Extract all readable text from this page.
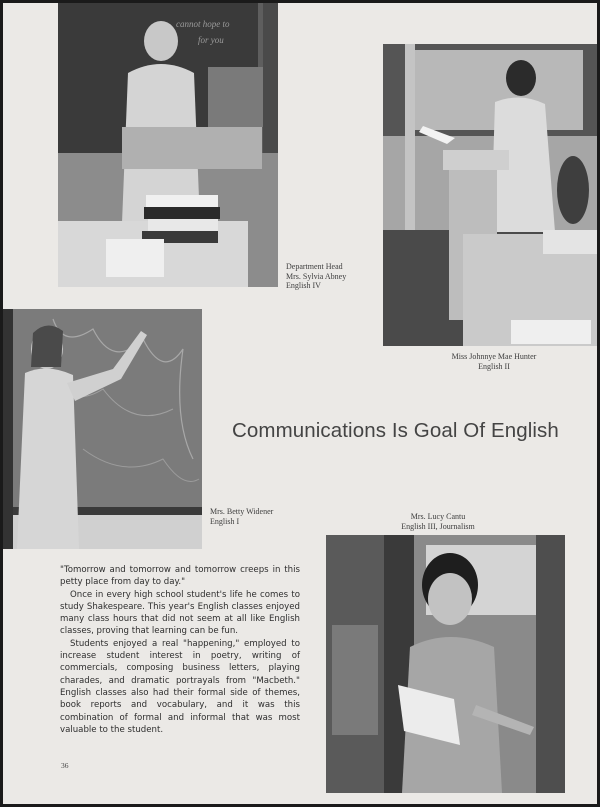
cannot hope to
for you
Department Head
Mrs. Sylvia Abney
English IV
Miss Johnnye Mae Hunter
English II
Mrs. Betty Widener
English I
Communications Is Goal Of English
Mrs. Lucy Cantu
English III, Journalism

"Tomorrow and tomorrow and tomorrow creeps in this petty place from day to day."

Once in every high school student's life he comes to study Shakespeare. This year's English classes enjoyed many class hours that did not seem at all like English classes, proving that learning can be fun.

Students enjoyed a real "happening," employed to increase student interest in poetry, writing of commercials, composing business letters, playing charades, and dramatic portrayals from "Macbeth." English classes also had their formal side of themes, book reports and vocabulary, and it was this combination of formal and informal that was most valuable to the student.

36
